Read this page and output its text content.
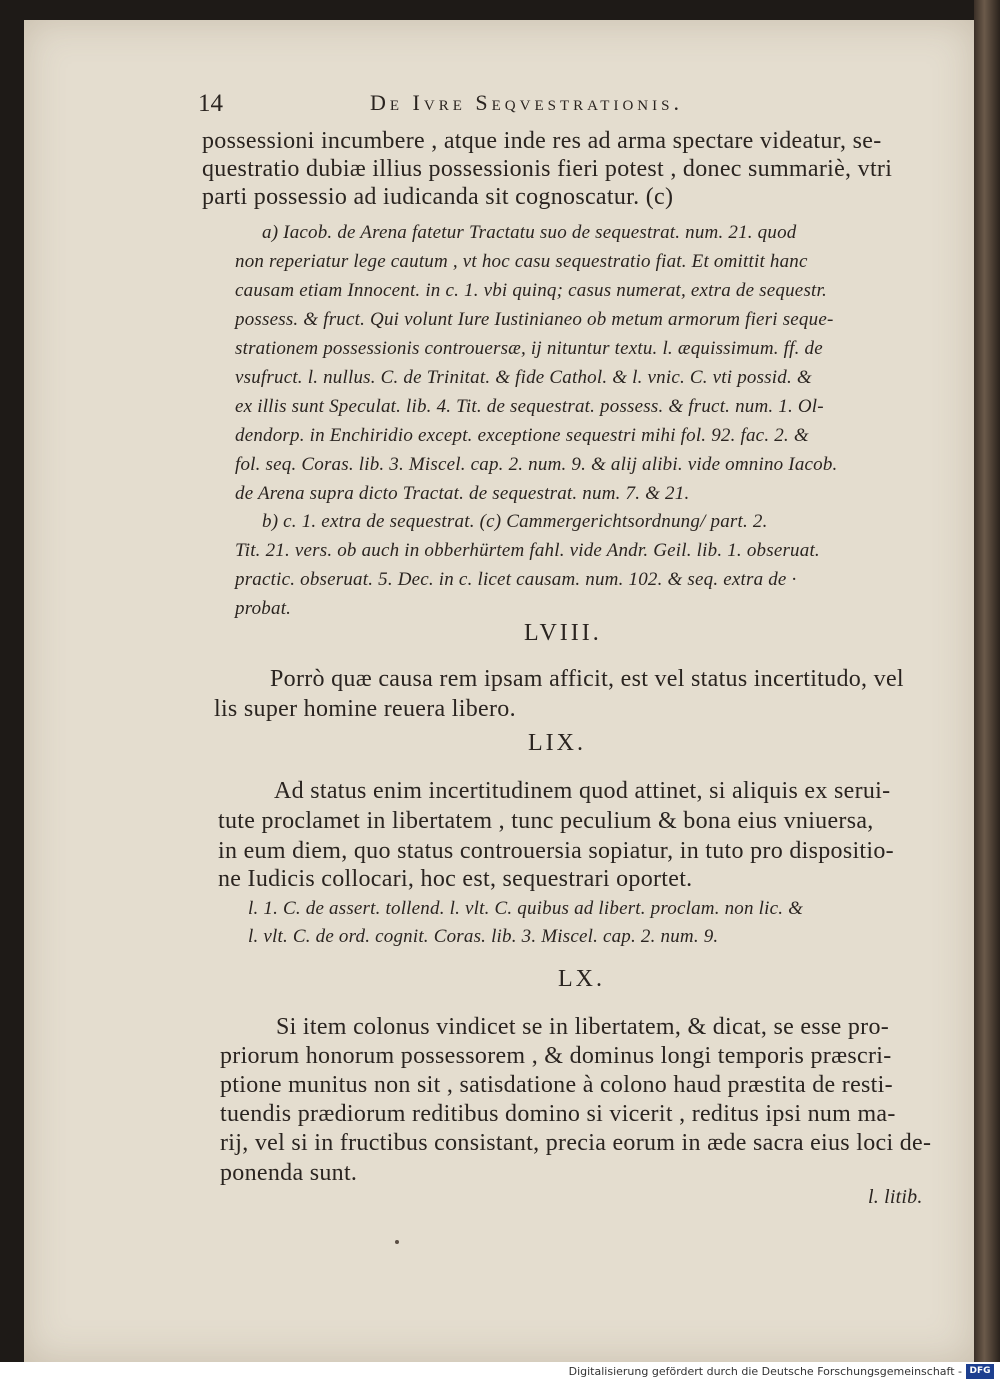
14	De Ivre Seqvestrationis.
possessioni incumbere , atque inde res ad arma spectare videatur, se-
questratio dubiæ illius possessionis fieri potest , donec summariè, vtri
parti possessio ad iudicanda sit cognoscatur. (c)
a) Iacob. de Arena fatetur Tractatu suo de sequestrat. num. 21. quod
non reperiatur lege cautum , vt hoc casu sequestratio fiat. Et omittit hanc
causam etiam Innocent. in c. 1. vbi quinq; casus numerat, extra de sequestr.
possess. & fruct. Qui volunt Iure Iustinianeo ob metum armorum fieri seque-
strationem possessionis controuersæ, ij nituntur textu. l. æquissimum. ff. de
vsufruct. l. nullus. C. de Trinitat. & fide Cathol. & l. vnic. C. vti possid. &
ex illis sunt Speculat. lib. 4. Tit. de sequestrat. possess. & fruct. num. 1. Ol-
dendorp. in Enchiridio except. exceptione sequestri mihi fol. 92. fac. 2. &
fol. seq. Coras. lib. 3. Miscel. cap. 2. num. 9. & alij alibi. vide omnino Iacob.
de Arena supra dicto Tractat. de sequestrat. num. 7. & 21.
b) c. 1. extra de sequestrat. (c) Cammergerichtsordnung/ part. 2.
Tit. 21. vers. ob auch in obberhürtem fahl. vide Andr. Geil. lib. 1. obseruat.
practic. obseruat. 5. Dec. in c. licet causam. num. 102. & seq. extra de ·
probat.
LVIII.
Porrò quæ causa rem ipsam afficit, est vel status incertitudo, vel
lis super homine reuera libero.
LIX.
Ad status enim incertitudinem quod attinet, si aliquis ex serui-
tute proclamet in libertatem , tunc peculium & bona eius vniuersa,
in eum diem, quo status controuersia sopiatur, in tuto pro dispositio-
ne Iudicis collocari, hoc est, sequestrari oportet.
l. 1. C. de assert. tollend. l. vlt. C. quibus ad libert. proclam. non lic. &
l. vlt. C. de ord. cognit. Coras. lib. 3. Miscel. cap. 2. num. 9.
LX.
Si item colonus vindicet se in libertatem, & dicat, se esse pro-
priorum honorum possessorem , & dominus longi temporis præscri-
ptione munitus non sit , satisdatione à colono haud præstita de resti-
tuendis prædiorum reditibus domino si vicerit , reditus ipsi num ma-
rij, vel si in fructibus consistant, precia eorum in æde sacra eius loci de-
ponenda sunt.
l. litib.
Digitalisierung gefördert durch die Deutsche Forschungsgemeinschaft - DFG
